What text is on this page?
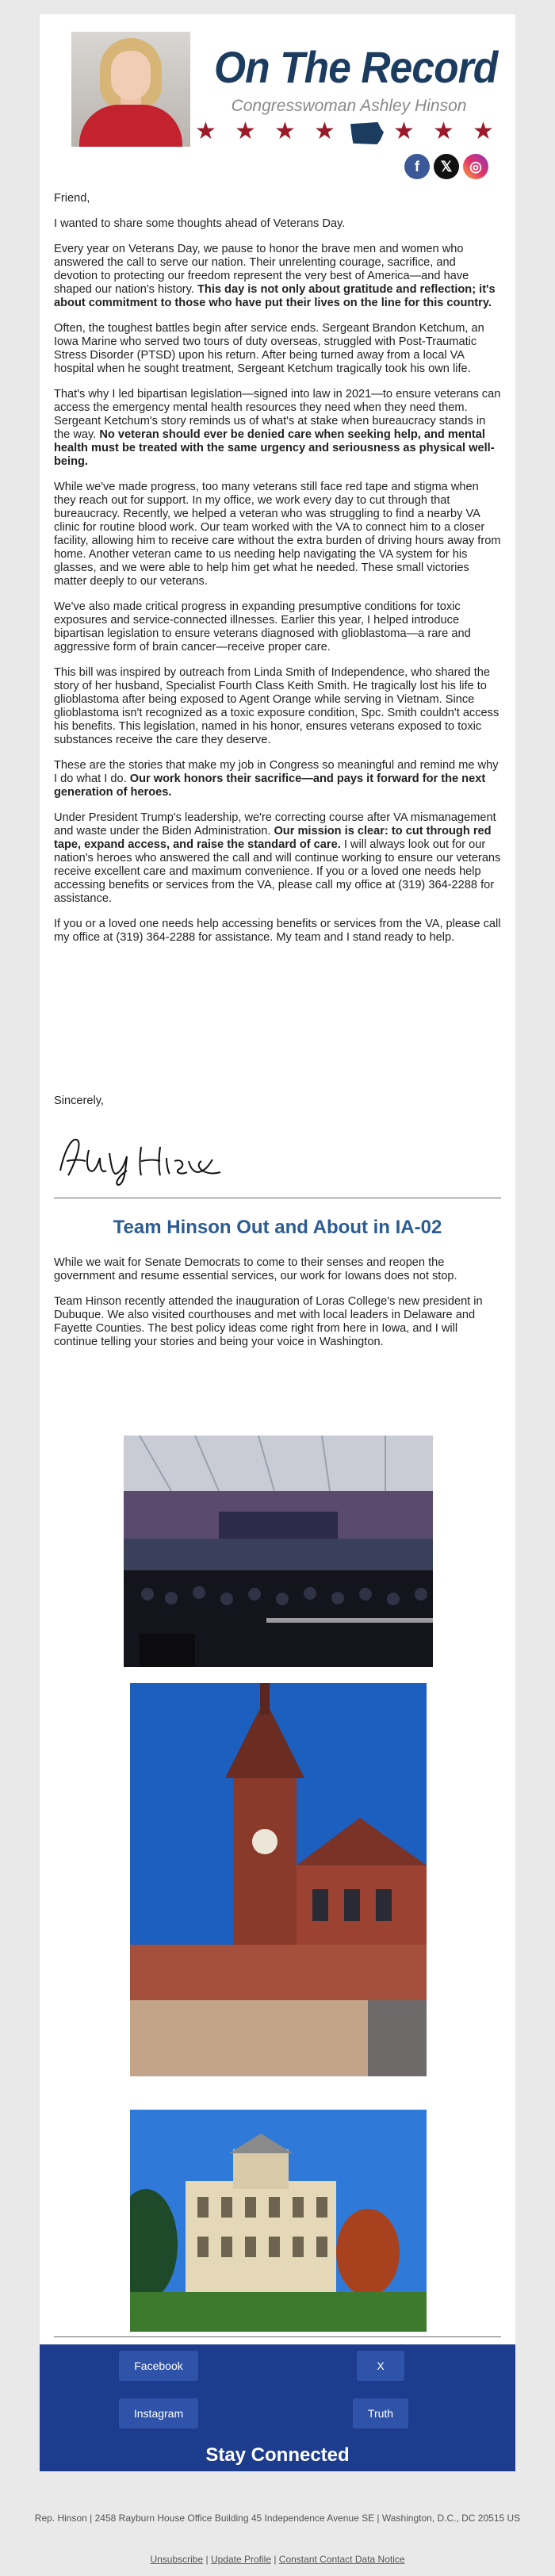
On The Record
Congresswoman Ashley Hinson
★ ★ ★ ★ ★ ★ ★
f	𝕏	◎

Friend,

I wanted to share some thoughts ahead of Veterans Day.

Every year on Veterans Day, we pause to honor the brave men and women who answered the call to serve our nation. Their unrelenting courage, sacrifice, and devotion to protecting our freedom represent the very best of America—and have shaped our nation's history. This day is not only about gratitude and reflection; it's about commitment to those who have put their lives on the line for this country.

Often, the toughest battles begin after service ends. Sergeant Brandon Ketchum, an Iowa Marine who served two tours of duty overseas, struggled with Post-Traumatic Stress Disorder (PTSD) upon his return. After being turned away from a local VA hospital when he sought treatment, Sergeant Ketchum tragically took his own life.

That's why I led bipartisan legislation—signed into law in 2021—to ensure veterans can access the emergency mental health resources they need when they need them. Sergeant Ketchum's story reminds us of what's at stake when bureaucracy stands in the way. No veteran should ever be denied care when seeking help, and mental health must be treated with the same urgency and seriousness as physical well-being.

While we've made progress, too many veterans still face red tape and stigma when they reach out for support. In my office, we work every day to cut through that bureaucracy. Recently, we helped a veteran who was struggling to find a nearby VA clinic for routine blood work. Our team worked with the VA to connect him to a closer facility, allowing him to receive care without the extra burden of driving hours away from home. Another veteran came to us needing help navigating the VA system for his glasses, and we were able to help him get what he needed. These small victories matter deeply to our veterans.

We've also made critical progress in expanding presumptive conditions for toxic exposures and service-connected illnesses. Earlier this year, I helped introduce bipartisan legislation to ensure veterans diagnosed with glioblastoma—a rare and aggressive form of brain cancer—receive proper care.

This bill was inspired by outreach from Linda Smith of Independence, who shared the story of her husband, Specialist Fourth Class Keith Smith. He tragically lost his life to glioblastoma after being exposed to Agent Orange while serving in Vietnam. Since glioblastoma isn't recognized as a toxic exposure condition, Spc. Smith couldn't access his benefits. This legislation, named in his honor, ensures veterans exposed to toxic substances receive the care they deserve.

These are the stories that make my job in Congress so meaningful and remind me why I do what I do. Our work honors their sacrifice—and pays it forward for the next generation of heroes.

Under President Trump's leadership, we're correcting course after VA mismanagement and waste under the Biden Administration. Our mission is clear: to cut through red tape, expand access, and raise the standard of care. I will always look out for our nation's heroes who answered the call and will continue working to ensure our veterans receive excellent care and maximum convenience. If you or a loved one needs help accessing benefits or services from the VA, please call my office at (319) 364-2288 for assistance.

If you or a loved one needs help accessing benefits or services from the VA, please call my office at (319) 364-2288 for assistance. My team and I stand ready to help.

Sincerely,
Team Hinson Out and About in IA-02

While we wait for Senate Democrats to come to their senses and reopen the government and resume essential services, our work for Iowans does not stop.

Team Hinson recently attended the inauguration of Loras College's new president in Dubuque. We also visited courthouses and met with local leaders in Delaware and Fayette Counties. The best policy ideas come right from here in Iowa, and I will continue telling your stories and being your voice in Washington.

Facebook	X
Instagram	Truth
Stay Connected
Rep. Hinson | 2458 Rayburn House Office Building 45 Independence Avenue SE | Washington, D.C., DC 20515 US
Unsubscribe | Update Profile | Constant Contact Data Notice
